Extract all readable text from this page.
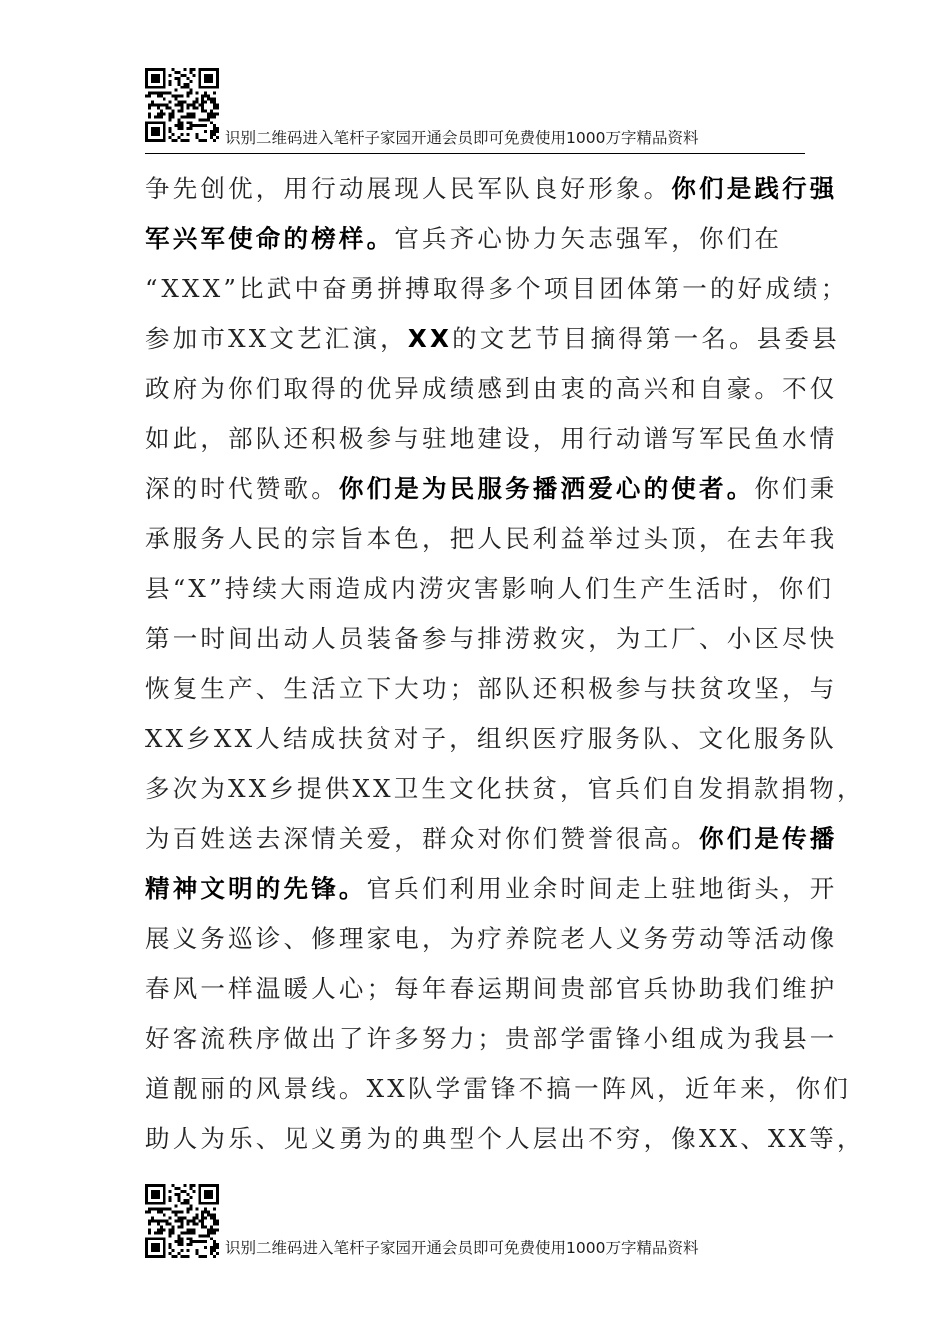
识别二维码进入笔杆子家园开通会员即可免费使用1000万字精品资料
争先创优，用行动展现人民军队良好形象。你们是践行强
军兴军使命的榜样。官兵齐心协力矢志强军，你们在
“XXX”比武中奋勇拼搏取得多个项目团体第一的好成绩；
参加市XX文艺汇演，XX的文艺节目摘得第一名。县委县
政府为你们取得的优异成绩感到由衷的高兴和自豪。不仅
如此，部队还积极参与驻地建设，用行动谱写军民鱼水情
深的时代赞歌。你们是为民服务播洒爱心的使者。你们秉
承服务人民的宗旨本色，把人民利益举过头顶，在去年我
县“X”持续大雨造成内涝灾害影响人们生产生活时，你们
第一时间出动人员装备参与排涝救灾，为工厂、小区尽快
恢复生产、生活立下大功；部队还积极参与扶贫攻坚，与
XX乡XX人结成扶贫对子，组织医疗服务队、文化服务队
多次为XX乡提供XX卫生文化扶贫，官兵们自发捐款捐物，
为百姓送去深情关爱，群众对你们赞誉很高。你们是传播
精神文明的先锋。官兵们利用业余时间走上驻地街头，开
展义务巡诊、修理家电，为疗养院老人义务劳动等活动像
春风一样温暖人心；每年春运期间贵部官兵协助我们维护
好客流秩序做出了许多努力；贵部学雷锋小组成为我县一
道靓丽的风景线。XX队学雷锋不搞一阵风，近年来，你们
助人为乐、见义勇为的典型个人层出不穷，像XX、XX等，
识别二维码进入笔杆子家园开通会员即可免费使用1000万字精品资料
